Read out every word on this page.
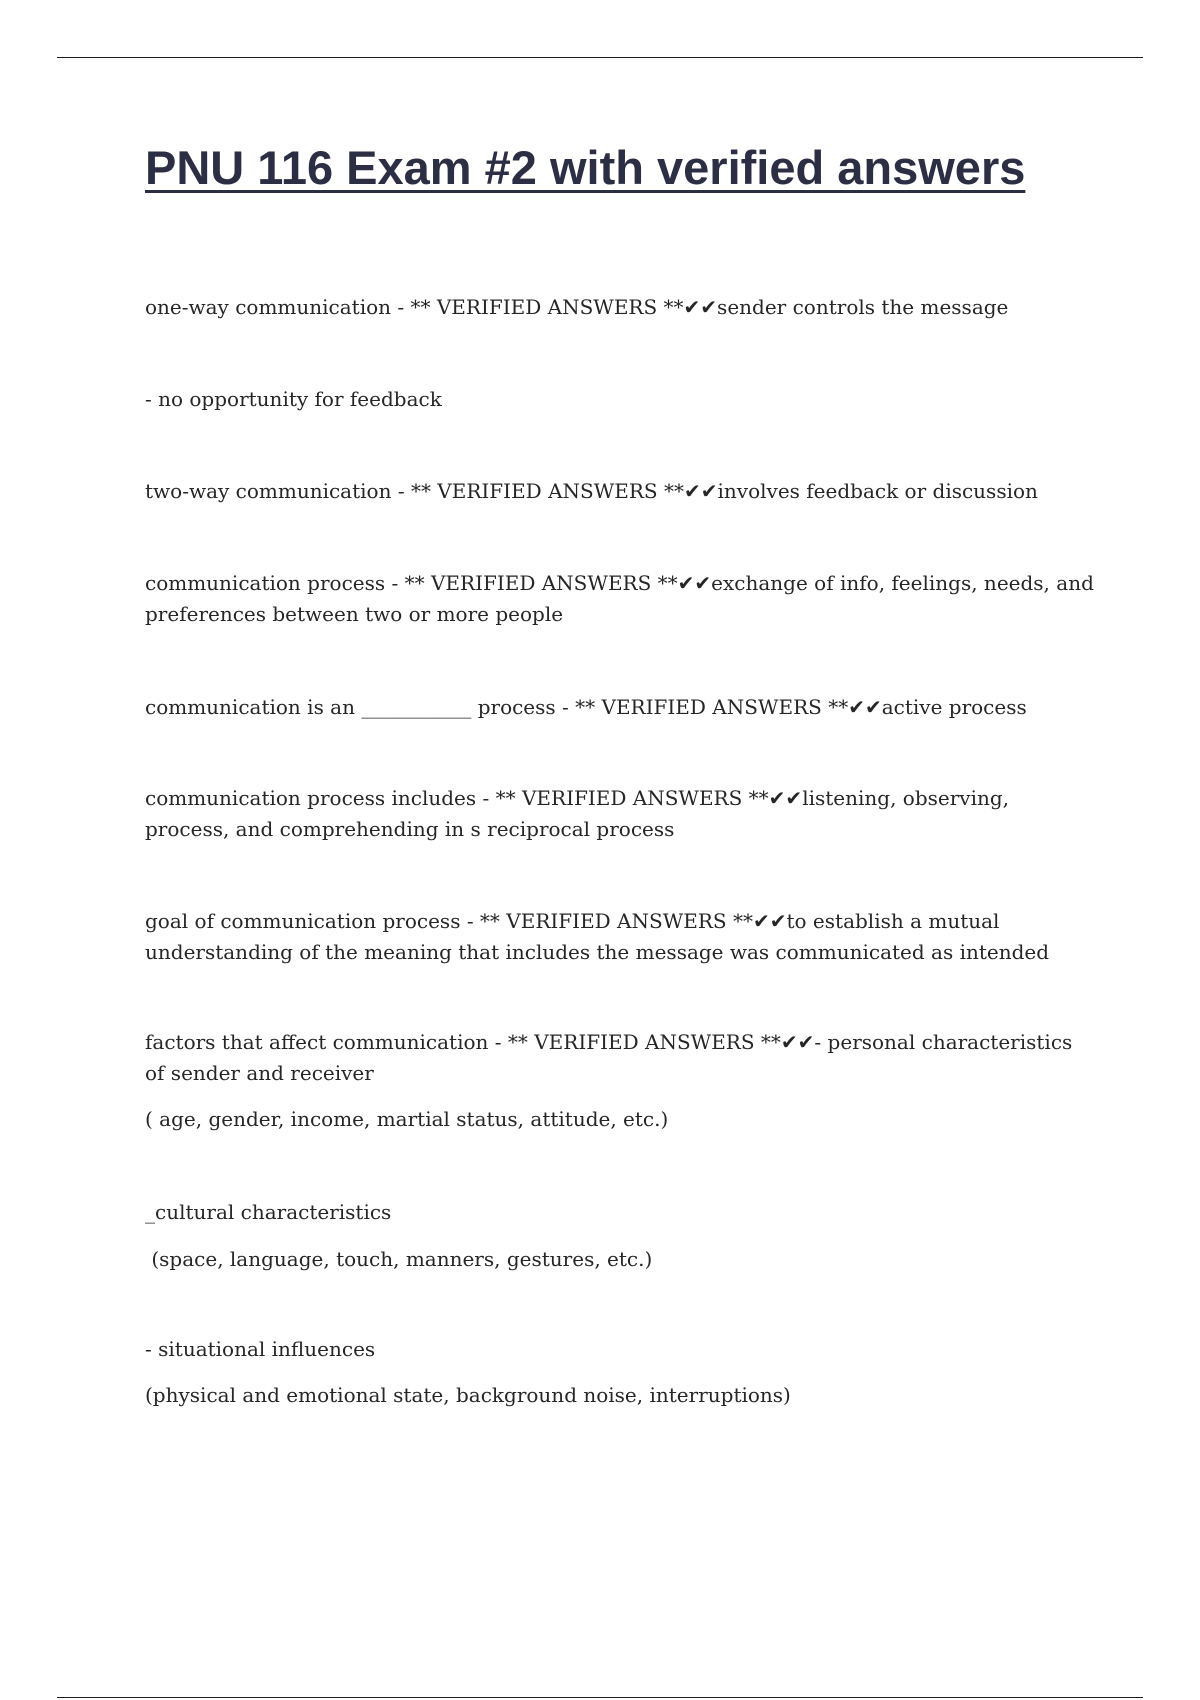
PNU 116 Exam #2 with verified answers

one-way communication - ** VERIFIED ANSWERS **✔✔sender controls the message

- no opportunity for feedback

two-way communication - ** VERIFIED ANSWERS **✔✔involves feedback or discussion

communication process - ** VERIFIED ANSWERS **✔✔exchange of info, feelings, needs, and preferences between two or more people

communication is an ___________ process - ** VERIFIED ANSWERS **✔✔active process

communication process includes - ** VERIFIED ANSWERS **✔✔listening, observing, process, and comprehending in s reciprocal process

goal of communication process - ** VERIFIED ANSWERS **✔✔to establish a mutual understanding of the meaning that includes the message was communicated as intended

factors that affect communication - ** VERIFIED ANSWERS **✔✔- personal characteristics of sender and receiver

( age, gender, income, martial status, attitude, etc.)

_cultural characteristics

(space, language, touch, manners, gestures, etc.)

- situational influences

(physical and emotional state, background noise, interruptions)
